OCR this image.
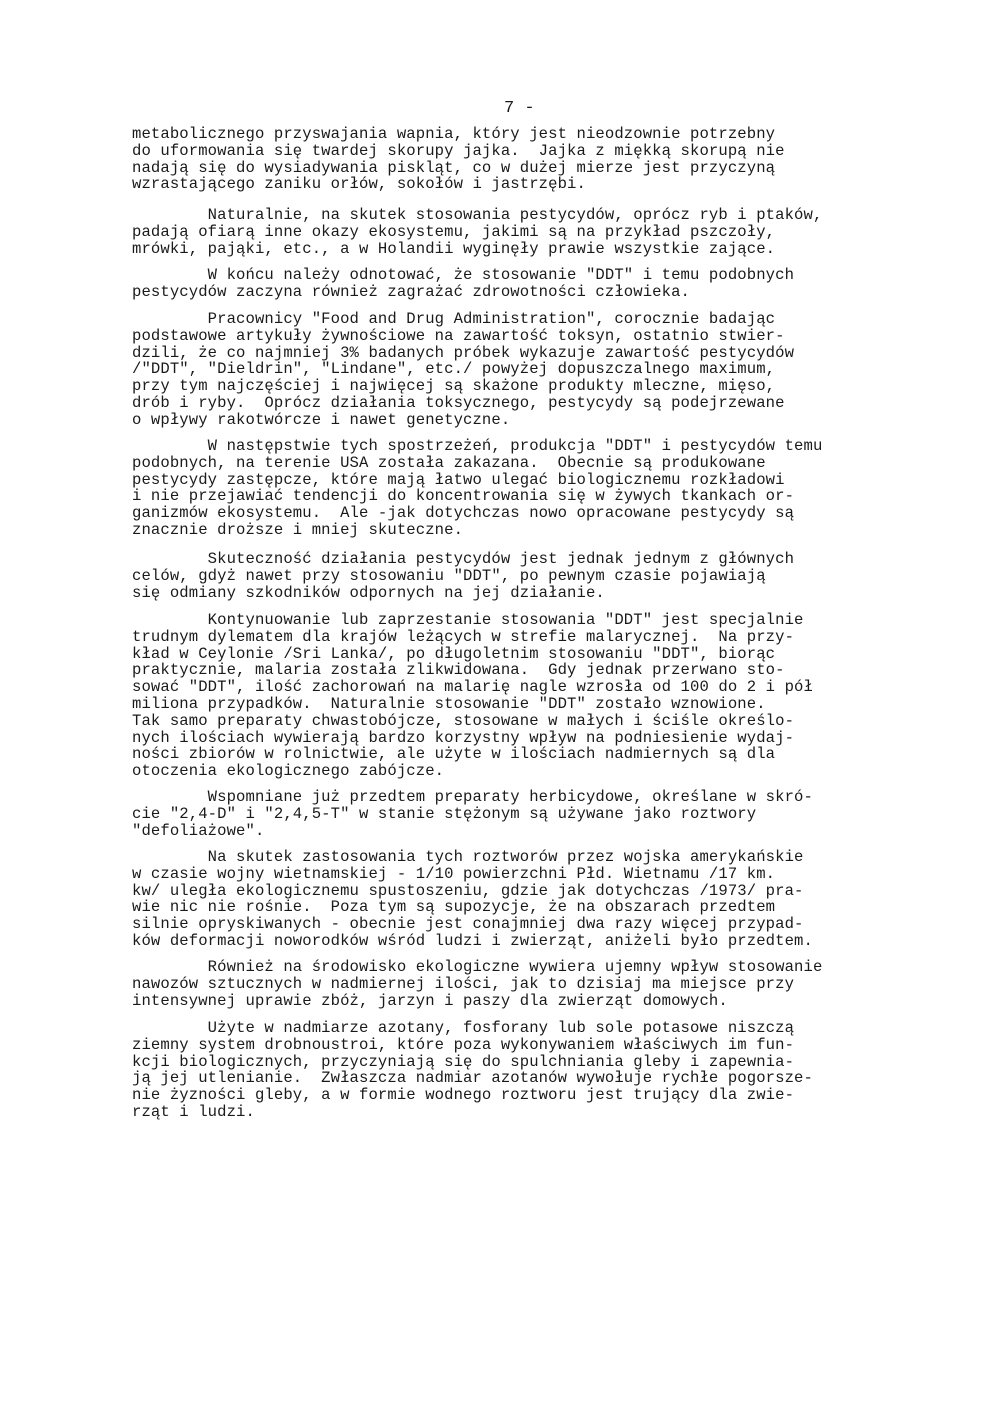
7 -

metabolicznego przyswajania wapnia, który jest nieodzownie potrzebny
do uformowania się twardej skorupy jajka.  Jajka z miękką skorupą nie
nadają się do wysiadywania piskląt, co w dużej mierze jest przyczyną
wzrastającego zaniku orłów, sokołów i jastrzębi.

Naturalnie, na skutek stosowania pestycydów, oprócz ryb i ptaków,
padają ofiarą inne okazy ekosystemu, jakimi są na przykład pszczoły,
mrówki, pająki, etc., a w Holandii wyginęły prawie wszystkie zające.

W końcu należy odnotować, że stosowanie "DDT" i temu podobnych
pestycydów zaczyna również zagrażać zdrowotności człowieka.

Pracownicy "Food and Drug Administration", corocznie badając
podstawowe artykuły żywnościowe na zawartość toksyn, ostatnio stwier-
dzili, że co najmniej 3% badanych próbek wykazuje zawartość pestycydów
/"DDT", "Dieldrin", "Lindane", etc./ powyżej dopuszczalnego maximum,
przy tym najczęściej i najwięcej są skażone produkty mleczne, mięso,
drób i ryby.  Oprócz działania toksycznego, pestycydy są podejrzewane
o wpływy rakotwórcze i nawet genetyczne.

W następstwie tych spostrzeżeń, produkcja "DDT" i pestycydów temu
podobnych, na terenie USA została zakazana.  Obecnie są produkowane
pestycydy zastępcze, które mają łatwo ulegać biologicznemu rozkładowi
i nie przejawiać tendencji do koncentrowania się w żywych tkankach or-
ganizmów ekosystemu.  Ale -jak dotychczas nowo opracowane pestycydy są
znacznie droższe i mniej skuteczne.

Skuteczność działania pestycydów jest jednak jednym z głównych
celów, gdyż nawet przy stosowaniu "DDT", po pewnym czasie pojawiają
się odmiany szkodników odpornych na jej działanie.

Kontynuowanie lub zaprzestanie stosowania "DDT" jest specjalnie
trudnym dylematem dla krajów leżących w strefie malarycznej.  Na przy-
kład w Ceylonie /Sri Lanka/, po długoletnim stosowaniu "DDT", biorąc
praktycznie, malaria została zlikwidowana.  Gdy jednak przerwano sto-
sować "DDT", ilość zachorowań na malarię nagle wzrosła od 100 do 2 i pół
miliona przypadków.  Naturalnie stosowanie "DDT" zostało wznowione.
Tak samo preparaty chwastobójcze, stosowane w małych i ściśle określo-
nych ilościach wywierają bardzo korzystny wpływ na podniesienie wydaj-
ności zbiorów w rolnictwie, ale użyte w ilościach nadmiernych są dla
otoczenia ekologicznego zabójcze.

Wspomniane już przedtem preparaty herbicydowe, określane w skró-
cie "2,4-D" i "2,4,5-T" w stanie stężonym są używane jako roztwory
"defoliażowe".

Na skutek zastosowania tych roztworów przez wojska amerykańskie
w czasie wojny wietnamskiej - 1/10 powierzchni Płd. Wietnamu /17 km.
kw/ uległa ekologicznemu spustoszeniu, gdzie jak dotychczas /1973/ pra-
wie nic nie rośnie.  Poza tym są supozycje, że na obszarach przedtem
silnie opryskiwanych - obecnie jest conajmniej dwa razy więcej przypad-
ków deformacji noworodków wśród ludzi i zwierząt, aniżeli było przedtem.

Również na środowisko ekologiczne wywiera ujemny wpływ stosowanie
nawozów sztucznych w nadmiernej ilości, jak to dzisiaj ma miejsce przy
intensywnej uprawie zbóż, jarzyn i paszy dla zwierząt domowych.

Użyte w nadmiarze azotany, fosforany lub sole potasowe niszczą
ziemny system drobnoustroi, które poza wykonywaniem właściwych im fun-
kcji biologicznych, przyczyniają się do spulchniania gleby i zapewnia-
ją jej utlenianie.  Zwłaszcza nadmiar azotanów wywołuje rychłe pogorsze-
nie żyzności gleby, a w formie wodnego roztworu jest trujący dla zwie-
rząt i ludzi.
